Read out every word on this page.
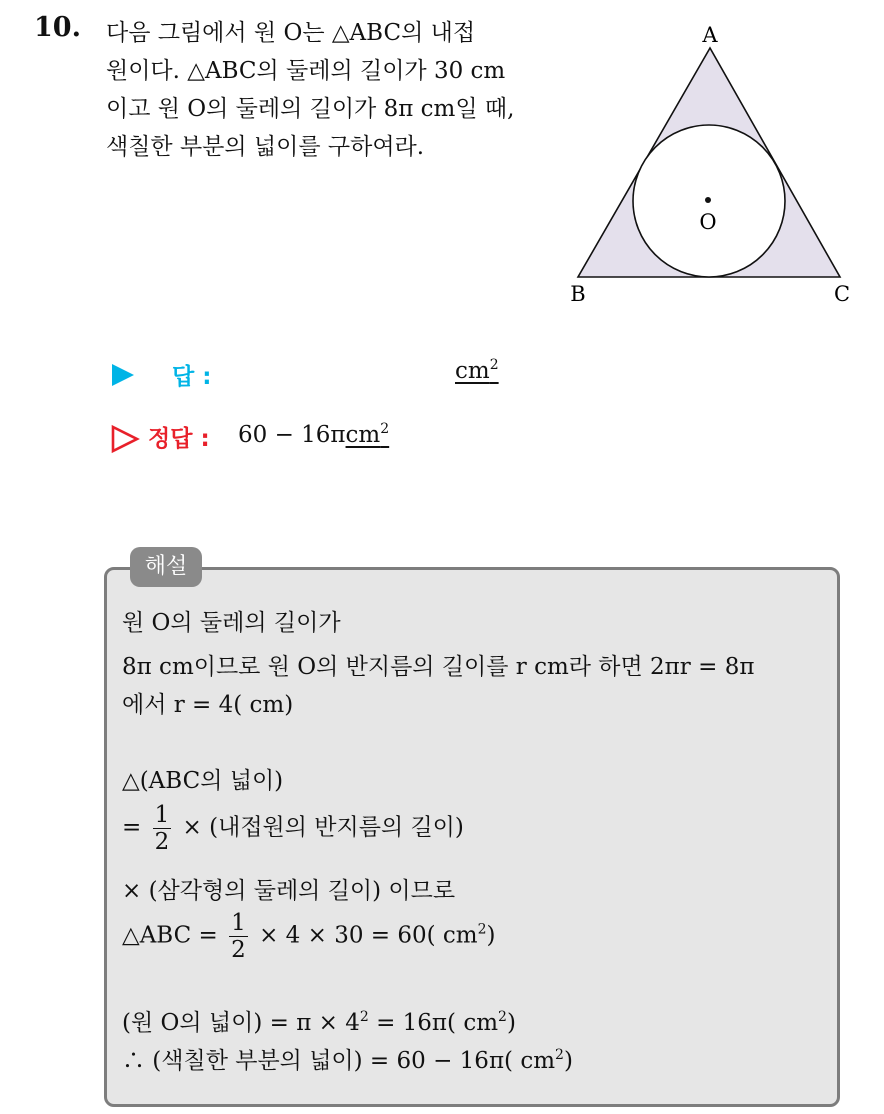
10. 다음 그림에서 원 O는 △ABC의 내접
원이다. △ABC의 둘레의 길이가 30 cm
이고 원 O의 둘레의 길이가 8π cm일 때,
색칠한 부분의 넓이를 구하여라.
A
B	C
O
답 :	$cm^2$
정답 : 60 − 16πcm$^2$
해설
원 O의 둘레의 길이가
8π cm이므로 원 O의 반지름의 길이를 r cm라 하면 2πr = 8π
에서 r = 4( cm)
△(ABC의 넓이)
= $\frac{1}{2}$ × (내접원의 반지름의 길이)
× (삼각형의 둘레의 길이) 이므로
△ABC = $\frac{1}{2} \times 4 \times 30 = 60$( $cm^2$)
(원 O의 넓이) = $\pi \times 4^2 = 16\pi$( $cm^2$)
∴ (색칠한 부분의 넓이) = 60 − 16π( $cm^2$)
